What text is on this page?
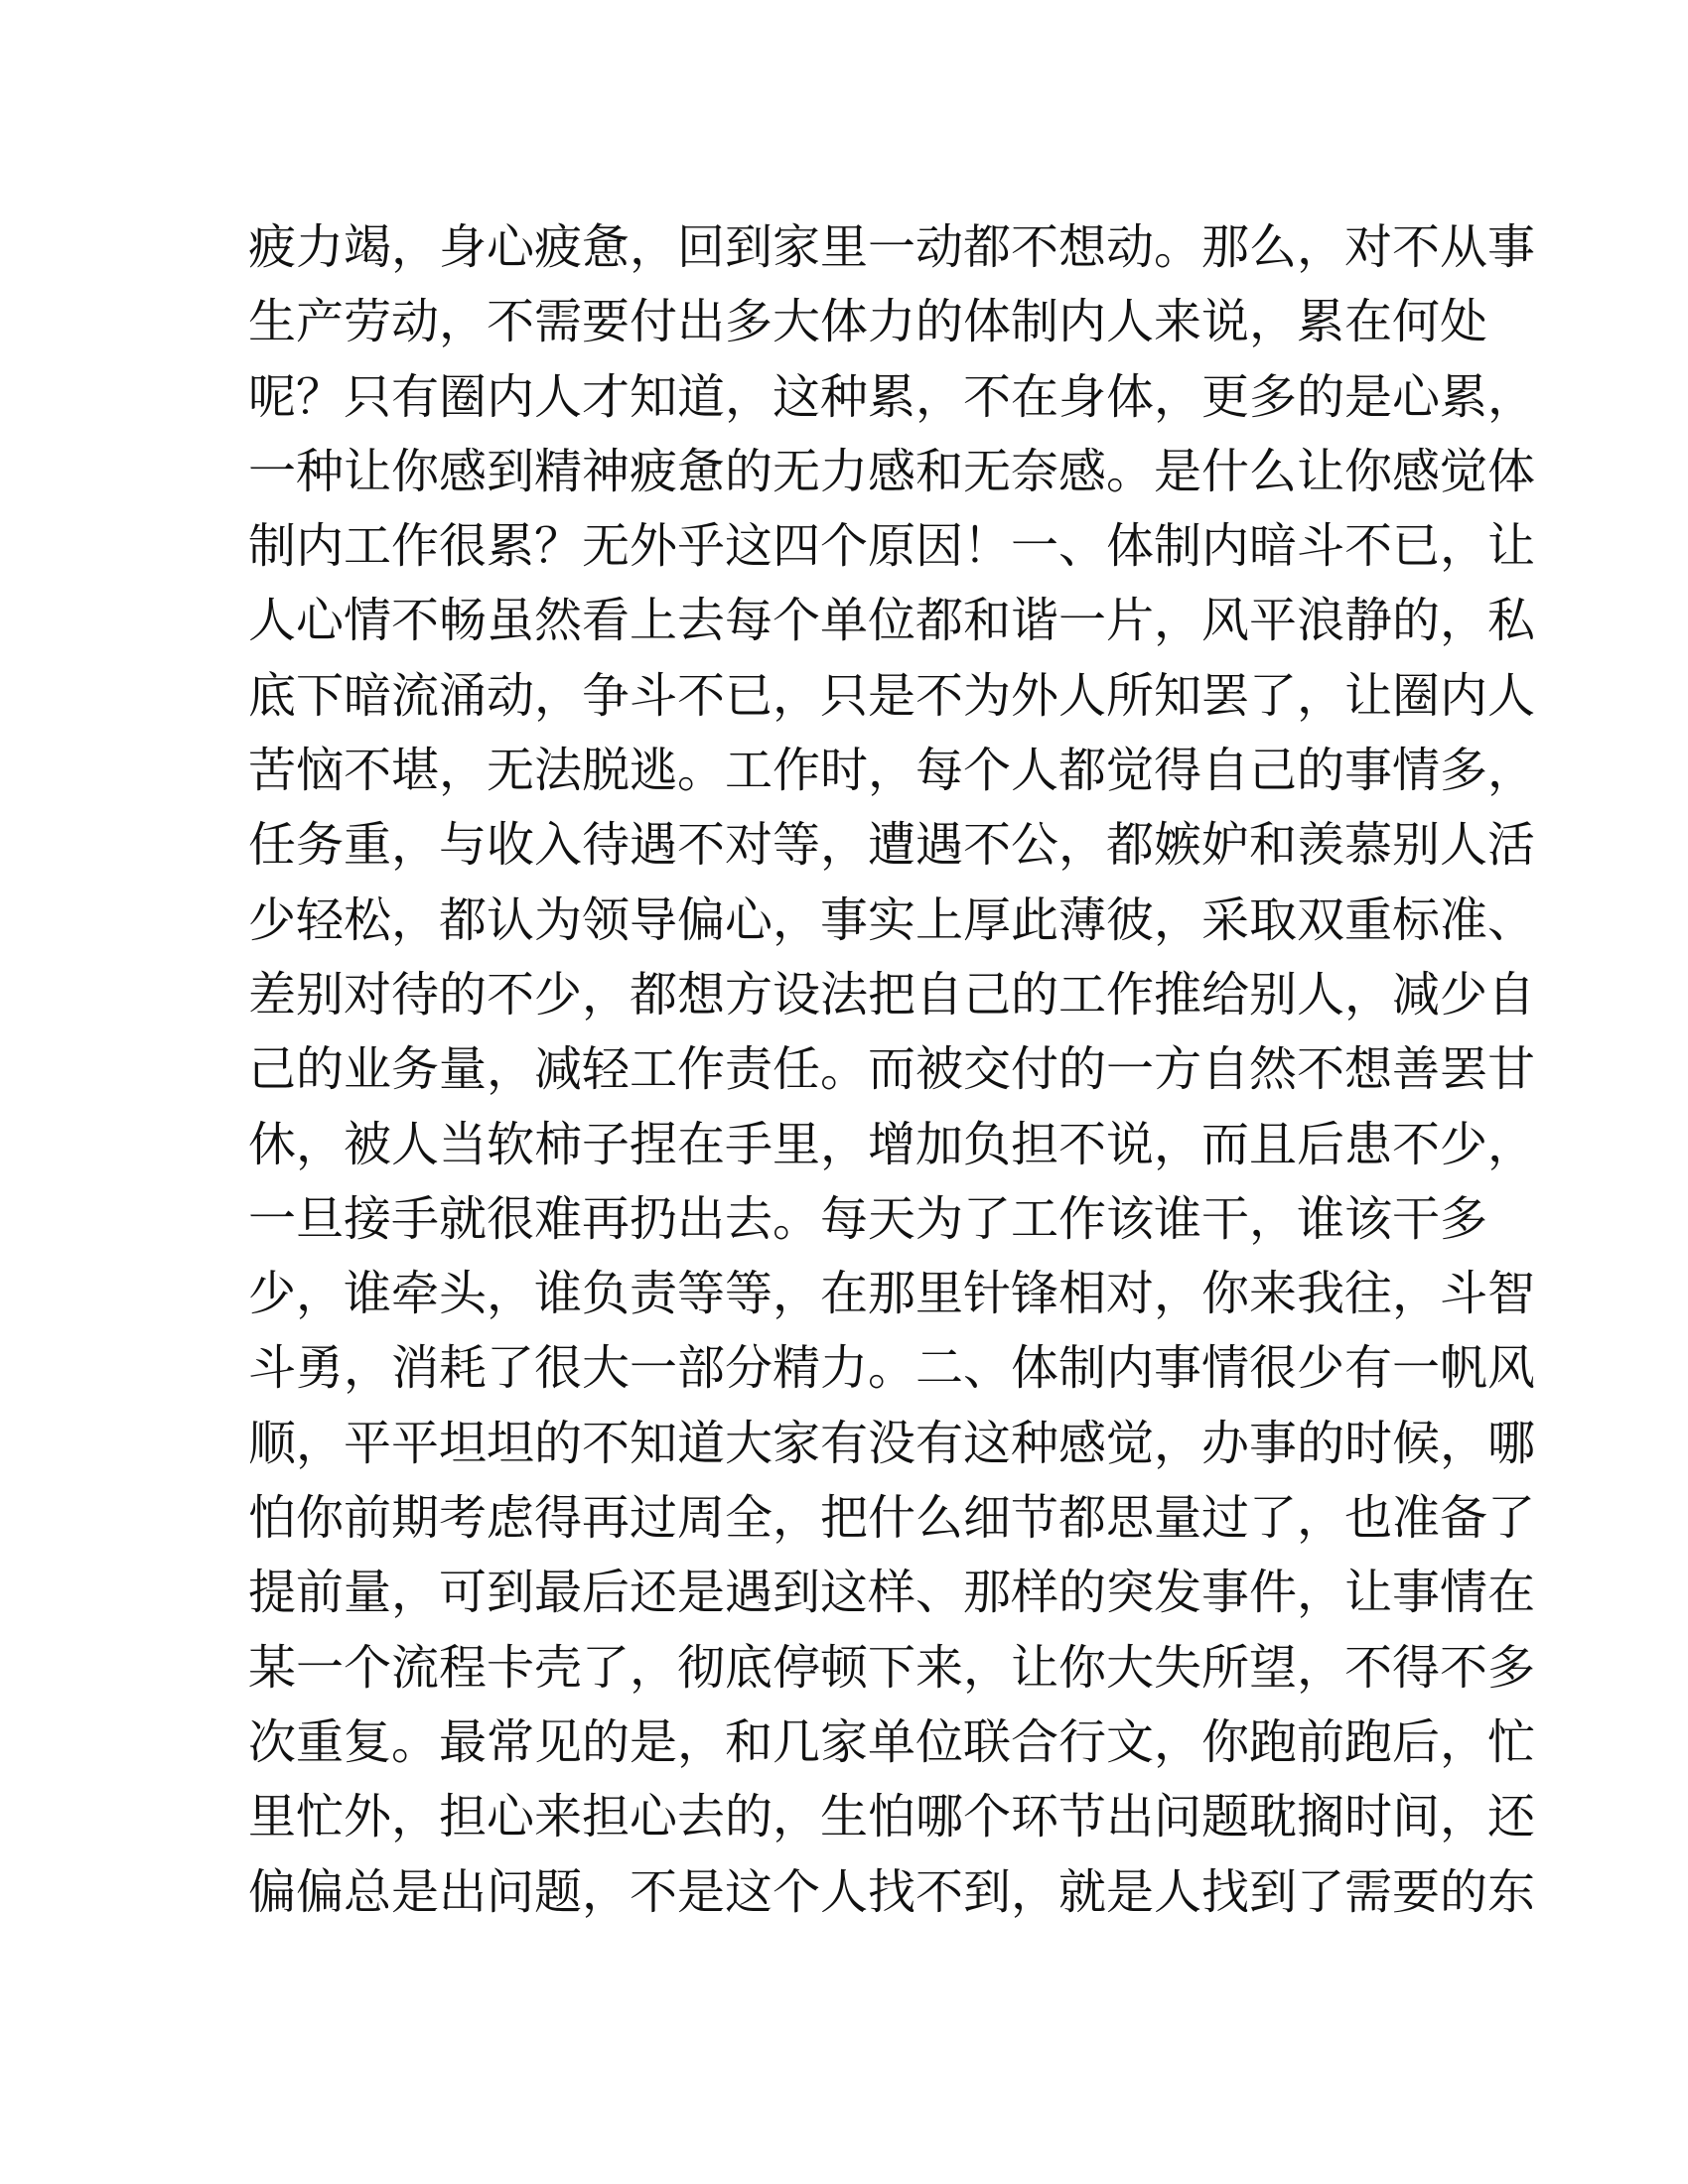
疲力竭，身心疲惫，回到家里一动都不想动。那么，对不从事
生产劳动，不需要付出多大体力的体制内人来说，累在何处
呢？只有圈内人才知道，这种累，不在身体，更多的是心累，
一种让你感到精神疲惫的无力感和无奈感。是什么让你感觉体
制内工作很累？无外乎这四个原因！一、体制内暗斗不已，让
人心情不畅虽然看上去每个单位都和谐一片，风平浪静的，私
底下暗流涌动，争斗不已，只是不为外人所知罢了，让圈内人
苦恼不堪，无法脱逃。工作时，每个人都觉得自己的事情多，
任务重，与收入待遇不对等，遭遇不公，都嫉妒和羡慕别人活
少轻松，都认为领导偏心，事实上厚此薄彼，采取双重标准、
差别对待的不少，都想方设法把自己的工作推给别人，减少自
己的业务量，减轻工作责任。而被交付的一方自然不想善罢甘
休，被人当软柿子捏在手里，增加负担不说，而且后患不少，
一旦接手就很难再扔出去。每天为了工作该谁干，谁该干多
少，谁牵头，谁负责等等，在那里针锋相对，你来我往，斗智
斗勇，消耗了很大一部分精力。二、体制内事情很少有一帆风
顺，平平坦坦的不知道大家有没有这种感觉，办事的时候，哪
怕你前期考虑得再过周全，把什么细节都思量过了，也准备了
提前量，可到最后还是遇到这样、那样的突发事件，让事情在
某一个流程卡壳了，彻底停顿下来，让你大失所望，不得不多
次重复。最常见的是，和几家单位联合行文，你跑前跑后，忙
里忙外，担心来担心去的，生怕哪个环节出问题耽搁时间，还
偏偏总是出问题，不是这个人找不到，就是人找到了需要的东
